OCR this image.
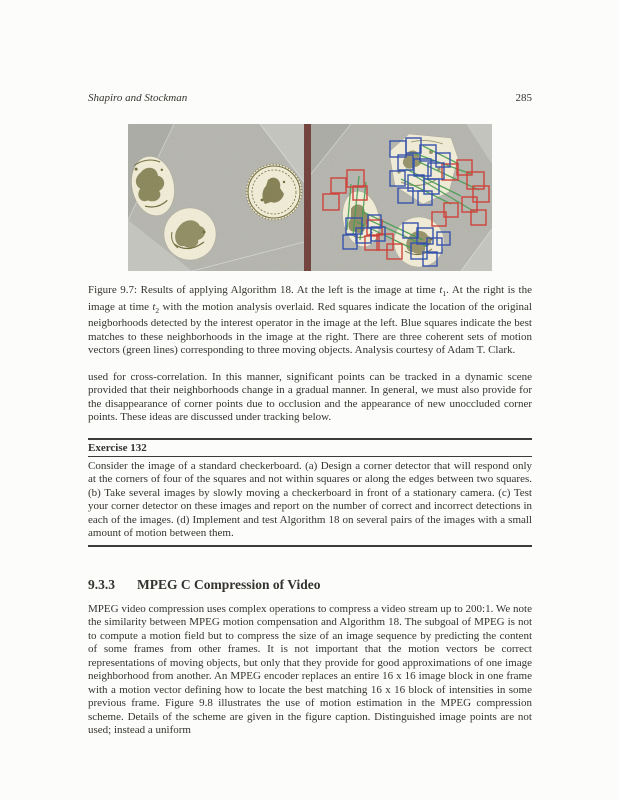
Shapiro and Stockman	285

Figure 9.7: Results of applying Algorithm 18. At the left is the image at time $t_1$. At the right is the image at time $t_2$ with the motion analysis overlaid. Red squares indicate the location of the original neigborhoods detected by the interest operator in the image at the left. Blue squares indicate the best matches to these neighborhoods in the image at the right. There are three coherent sets of motion vectors (green lines) corresponding to three moving objects. Analysis courtesy of Adam T. Clark.

used for cross-correlation. In this manner, significant points can be tracked in a dynamic scene provided that their neighborhoods change in a gradual manner. In general, we must also provide for the disappearance of corner points due to occlusion and the appearance of new unoccluded corner points. These ideas are discussed under tracking below.

Exercise 132

Consider the image of a standard checkerboard. (a) Design a corner detector that will respond only at the corners of four of the squares and not within squares or along the edges between two squares. (b) Take several images by slowly moving a checkerboard in front of a stationary camera. (c) Test your corner detector on these images and report on the number of correct and incorrect detections in each of the images. (d) Implement and test Algorithm 18 on several pairs of the images with a small amount of motion between them.

9.3.3 MPEG C Compression of Video

MPEG video compression uses complex operations to compress a video stream up to 200:1. We note the similarity between MPEG motion compensation and Algorithm 18. The subgoal of MPEG is not to compute a motion field but to compress the size of an image sequence by predicting the content of some frames from other frames. It is not important that the motion vectors be correct representations of moving objects, but only that they provide for good approximations of one image neighborhood from another. An MPEG encoder replaces an entire 16 x 16 image block in one frame with a motion vector defining how to locate the best matching 16 x 16 block of intensities in some previous frame. Figure 9.8 illustrates the use of motion estimation in the MPEG compression scheme. Details of the scheme are given in the figure caption. Distinguished image points are not used; instead a uniform
